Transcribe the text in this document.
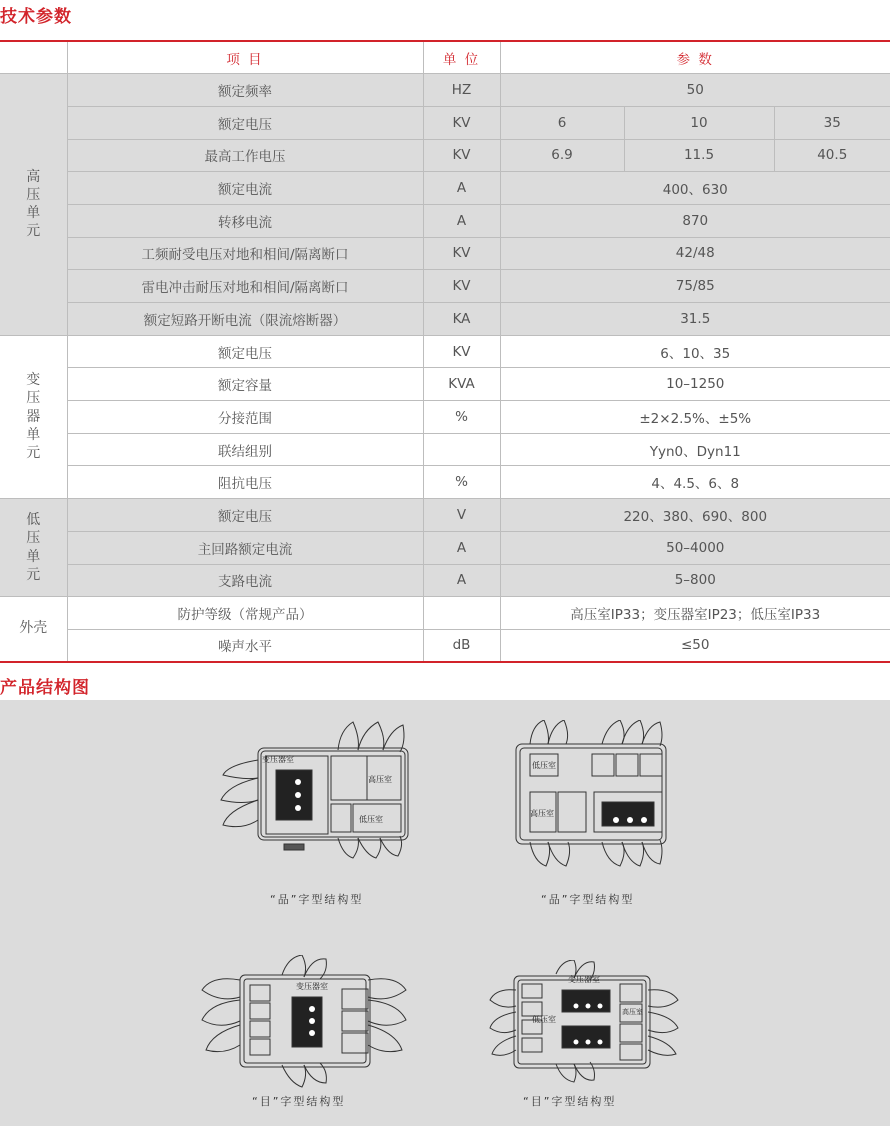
技术参数
	项 目	单 位	参 数		
高压单元	额定频率	HZ	50		
	额定电压	KV	6	10	35
	最高工作电压	KV	6.9	11.5	40.5
	额定电流	A	400、630		
	转移电流	A	870		
	工频耐受电压对地和相间/隔离断口	KV	42/48		
	雷电冲击耐压对地和相间/隔离断口	KV	75/85		
	额定短路开断电流（限流熔断器）	KA	31.5		
变压器单元	额定电压	KV	6、10、35		
	额定容量	KVA	10–1250		
	分接范围	%	±2×2.5%、±5%		
	联结组别		Yyn0、Dyn11		
	阻抗电压	%	4、4.5、6、8		
低压单元	额定电压	V	220、380、690、800		
	主回路额定电流	A	50–4000		
	支路电流	A	5–800		
外壳	防护等级（常规产品）		高压室IP33；变压器室IP23；低压室IP33		
	噪声水平	dB	≤50		
产品结构图
变压器室
高压室
低压室
“品”字型结构型
低压室
高压室
“品”字型结构型
变压器室
“目”字型结构型
变压器室
低压室
高压室
“目”字型结构型
